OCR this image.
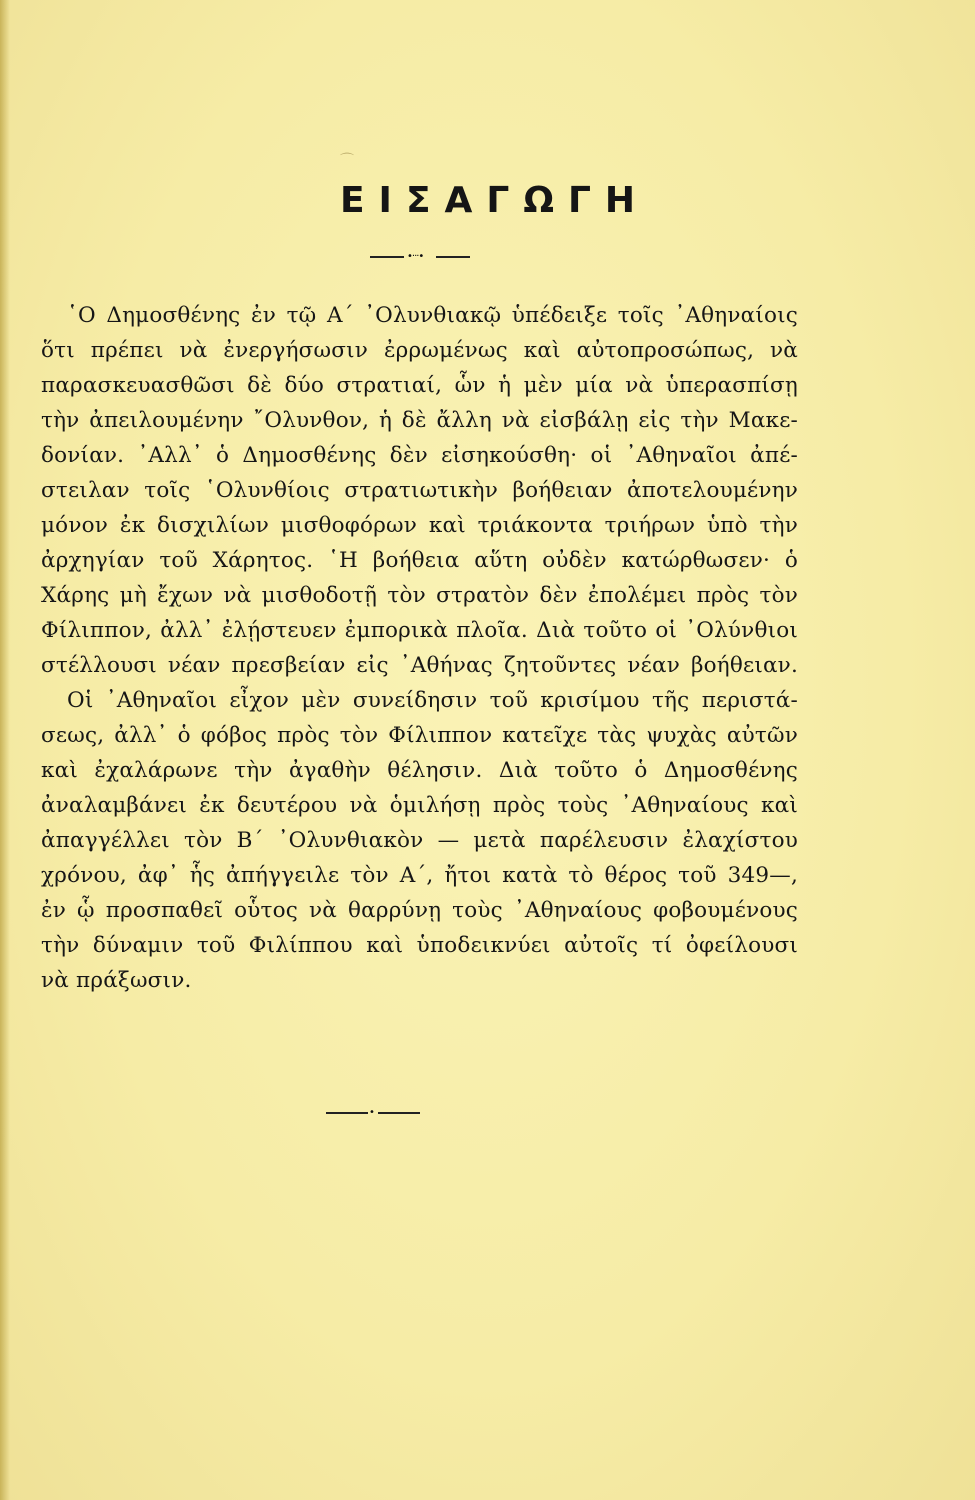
⌒
ΕΙΣΑΓΩΓΗ
•···•
῾Ο Δημοσθένης ἐν τῷ Α΄ ᾿Ολυνθιακῷ ὑπέδειξε τοῖς ᾿Αθηναίοις
ὅτι πρέπει νὰ ἐνεργήσωσιν ἐρρωμένως καὶ αὐτοπροσώπως, νὰ
παρασκευασθῶσι δὲ δύο στρατιαί, ὧν ἡ μὲν μία νὰ ὑπερασπίσῃ
τὴν ἀπειλουμένην ῎Ολυνθον, ἡ δὲ ἄλλη νὰ εἰσβάλῃ εἰς τὴν Μακε-
δονίαν. ᾿Αλλ᾿ ὁ Δημοσθένης δὲν εἰσηκούσθη· οἱ ᾿Αθηναῖοι ἀπέ-
στειλαν τοῖς ῾Ολυνθίοις στρατιωτικὴν βοήθειαν ἀποτελουμένην
μόνον ἐκ δισχιλίων μισθοφόρων καὶ τριάκοντα τριήρων ὑπὸ τὴν
ἀρχηγίαν τοῦ Χάρητος. ῾Η βοήθεια αὕτη οὐδὲν κατώρθωσεν· ὁ
Χάρης μὴ ἔχων νὰ μισθοδοτῇ τὸν στρατὸν δὲν ἐπολέμει πρὸς τὸν
Φίλιππον, ἀλλ᾿ ἐλῄστευεν ἐμπορικὰ πλοῖα. Διὰ τοῦτο οἱ ᾿Ολύνθιοι
στέλλουσι νέαν πρεσβείαν εἰς ᾿Αθήνας ζητοῦντες νέαν βοήθειαν.
Οἱ ᾿Αθηναῖοι εἶχον μὲν συνείδησιν τοῦ κρισίμου τῆς περιστά-
σεως, ἀλλ᾿ ὁ φόβος πρὸς τὸν Φίλιππον κατεῖχε τὰς ψυχὰς αὐτῶν
καὶ ἐχαλάρωνε τὴν ἀγαθὴν θέλησιν. Διὰ τοῦτο ὁ Δημοσθένης
ἀναλαμβάνει ἐκ δευτέρου νὰ ὁμιλήσῃ πρὸς τοὺς ᾿Αθηναίους καὶ
ἀπαγγέλλει τὸν Β΄ ᾿Ολυνθιακὸν — μετὰ παρέλευσιν ἐλαχίστου
χρόνου, ἀφ᾿ ἧς ἀπήγγειλε τὸν Α΄, ἤτοι κατὰ τὸ θέρος τοῦ 349—,
ἐν ᾧ προσπαθεῖ οὗτος νὰ θαρρύνῃ τοὺς ᾿Αθηναίους φοβουμένους
τὴν δύναμιν τοῦ Φιλίππου καὶ ὑποδεικνύει αὐτοῖς τί ὀφείλουσι
νὰ πράξωσιν.
•
